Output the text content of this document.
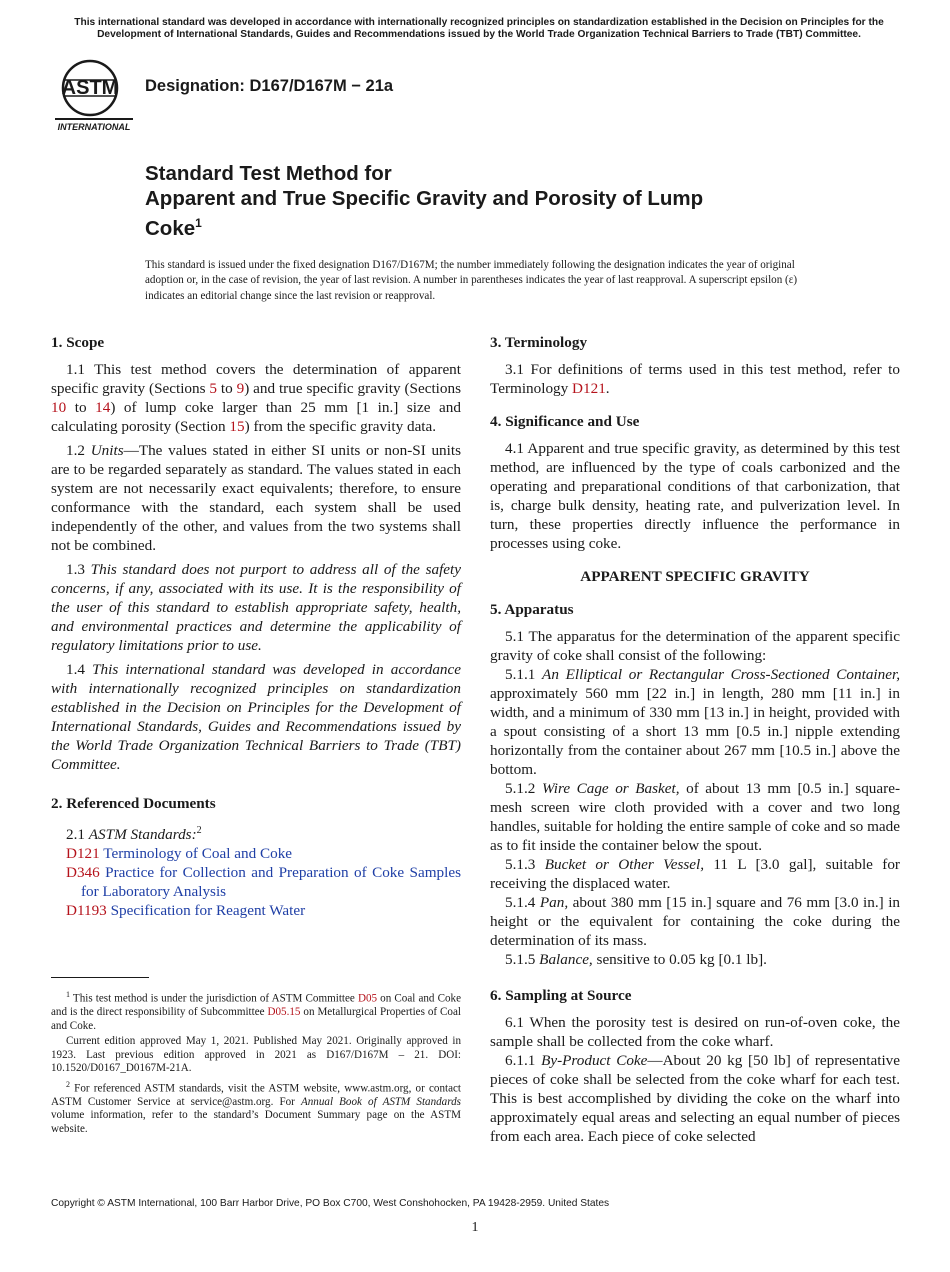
This international standard was developed in accordance with internationally recognized principles on standardization established in the Decision on Principles for the Development of International Standards, Guides and Recommendations issued by the World Trade Organization Technical Barriers to Trade (TBT) Committee.
ASTM
INTERNATIONAL
Designation: D167/D167M − 21a
Standard Test Method for
Apparent and True Specific Gravity and Porosity of Lump
Coke$^1$
This standard is issued under the fixed designation D167/D167M; the number immediately following the designation indicates the year of original adoption or, in the case of revision, the year of last revision. A number in parentheses indicates the year of last reapproval. A superscript epsilon (ε) indicates an editorial change since the last revision or reapproval.
1. Scope

1.1 This test method covers the determination of apparent specific gravity (Sections 5 to 9) and true specific gravity (Sections 10 to 14) of lump coke larger than 25 mm [1 in.] size and calculating porosity (Section 15) from the specific gravity data.

1.2 Units—The values stated in either SI units or non-SI units are to be regarded separately as standard. The values stated in each system are not necessarily exact equivalents; therefore, to ensure conformance with the standard, each system shall be used independently of the other, and values from the two systems shall not be combined.

1.3 This standard does not purport to address all of the safety concerns, if any, associated with its use. It is the responsibility of the user of this standard to establish appropriate safety, health, and environmental practices and determine the applicability of regulatory limitations prior to use.

1.4 This international standard was developed in accordance with internationally recognized principles on standardization established in the Decision on Principles for the Development of International Standards, Guides and Recommendations issued by the World Trade Organization Technical Barriers to Trade (TBT) Committee.

2. Referenced Documents

2.1 ASTM Standards:$^2$

D121 Terminology of Coal and Coke

D346 Practice for Collection and Preparation of Coke Samples for Laboratory Analysis

D1193 Specification for Reagent Water

$^1$ This test method is under the jurisdiction of ASTM Committee D05 on Coal and Coke and is the direct responsibility of Subcommittee D05.15 on Metallurgical Properties of Coal and Coke.

Current edition approved May 1, 2021. Published May 2021. Originally approved in 1923. Last previous edition approved in 2021 as D167/D167M – 21. DOI: 10.1520/D0167_D0167M-21A.

$^2$ For referenced ASTM standards, visit the ASTM website, www.astm.org, or contact ASTM Customer Service at service@astm.org. For Annual Book of ASTM Standards volume information, refer to the standard’s Document Summary page on the ASTM website.

3. Terminology

3.1 For definitions of terms used in this test method, refer to Terminology D121.

4. Significance and Use

4.1 Apparent and true specific gravity, as determined by this test method, are influenced by the type of coals carbonized and the operating and preparational conditions of that carbonization, that is, charge bulk density, heating rate, and pulverization level. In turn, these properties directly influence the performance in processes using coke.

APPARENT SPECIFIC GRAVITY
5. Apparatus

5.1 The apparatus for the determination of the apparent specific gravity of coke shall consist of the following:

5.1.1 An Elliptical or Rectangular Cross-Sectioned Container, approximately 560 mm [22 in.] in length, 280 mm [11 in.] in width, and a minimum of 330 mm [13 in.] in height, provided with a spout consisting of a short 13 mm [0.5 in.] nipple extending horizontally from the container about 267 mm [10.5 in.] above the bottom.

5.1.2 Wire Cage or Basket, of about 13 mm [0.5 in.] square-mesh screen wire cloth provided with a cover and two long handles, suitable for holding the entire sample of coke and so made as to fit inside the container below the spout.

5.1.3 Bucket or Other Vessel, 11 L [3.0 gal], suitable for receiving the displaced water.

5.1.4 Pan, about 380 mm [15 in.] square and 76 mm [3.0 in.] in height or the equivalent for containing the coke during the determination of its mass.

5.1.5 Balance, sensitive to 0.05 kg [0.1 lb].

6. Sampling at Source

6.1 When the porosity test is desired on run-of-oven coke, the sample shall be collected from the coke wharf.

6.1.1 By-Product Coke—About 20 kg [50 lb] of representative pieces of coke shall be selected from the coke wharf for each test. This is best accomplished by dividing the coke on the wharf into approximately equal areas and selecting an equal number of pieces from each area. Each piece of coke selected

Copyright © ASTM International, 100 Barr Harbor Drive, PO Box C700, West Conshohocken, PA 19428-2959. United States
1
